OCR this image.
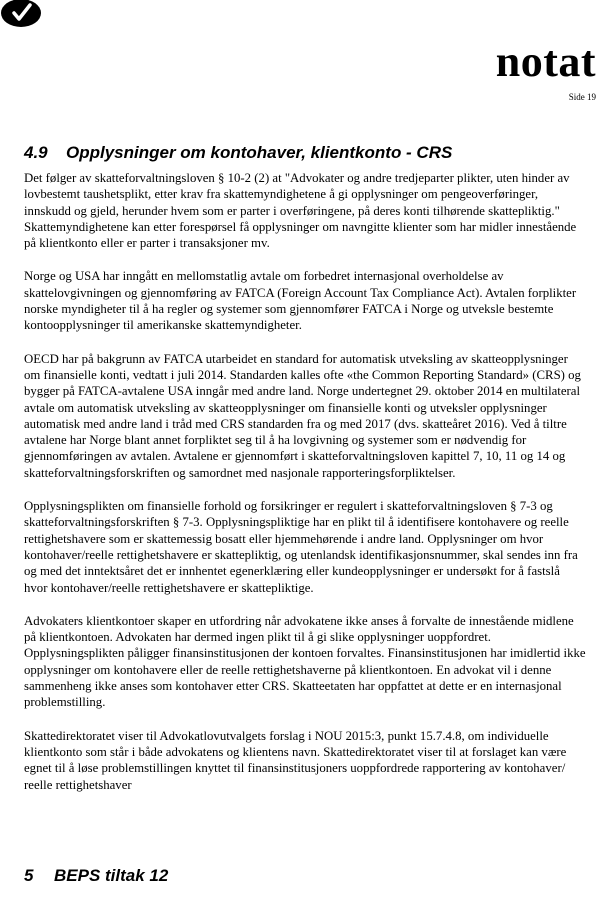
notat
Side 19
4.9 Opplysninger om kontohaver, klientkonto - CRS

Det følger av skatteforvaltningsloven § 10-2 (2) at "Advokater og andre tredjeparter plikter, uten hinder av lovbestemt taushetsplikt, etter krav fra skattemyndighetene å gi opplysninger om pengeoverføringer, innskudd og gjeld, herunder hvem som er parter i overføringene, på deres konti tilhørende skattepliktig." Skattemyndighetene kan etter forespørsel få opplysninger om navngitte klienter som har midler innestående på klientkonto eller er parter i transaksjoner mv.

Norge og USA har inngått en mellomstatlig avtale om forbedret internasjonal overholdelse av skattelovgivningen og gjennomføring av FATCA (Foreign Account Tax Compliance Act). Avtalen forplikter norske myndigheter til å ha regler og systemer som gjennomfører FATCA i Norge og utveksle bestemte kontoopplysninger til amerikanske skattemyndigheter.

OECD har på bakgrunn av FATCA utarbeidet en standard for automatisk utveksling av skatteopplysninger om finansielle konti, vedtatt i juli 2014. Standarden kalles ofte «the Common Reporting Standard» (CRS) og bygger på FATCA-avtalene USA inngår med andre land. Norge undertegnet 29. oktober 2014 en multilateral avtale om automatisk utveksling av skatteopplysninger om finansielle konti og utveksler opplysninger automatisk med andre land i tråd med CRS standarden fra og med 2017 (dvs. skatteåret 2016). Ved å tiltre avtalene har Norge blant annet forpliktet seg til å ha lovgivning og systemer som er nødvendig for gjennomføringen av avtalen. Avtalene er gjennomført i skatteforvaltningsloven kapittel 7, 10, 11 og 14 og skatteforvaltningsforskriften og samordnet med nasjonale rapporteringsforpliktelser.

Opplysningsplikten om finansielle forhold og forsikringer er regulert i skatteforvaltningsloven § 7-3 og skatteforvaltningsforskriften § 7-3. Opplysningspliktige har en plikt til å identifisere kontohavere og reelle rettighetshavere som er skattemessig bosatt eller hjemmehørende i andre land. Opplysninger om hvor kontohaver/reelle rettighetshavere er skattepliktig, og utenlandsk identifikasjonsnummer, skal sendes inn fra og med det inntektsåret det er innhentet egenerklæring eller kundeopplysninger er undersøkt for å fastslå hvor kontohaver/reelle rettighetshavere er skattepliktige.

Advokaters klientkontoer skaper en utfordring når advokatene ikke anses å forvalte de innestående midlene på klientkontoen. Advokaten har dermed ingen plikt til å gi slike opplysninger uoppfordret. Opplysningsplikten påligger finansinstitusjonen der kontoen forvaltes. Finansinstitusjonen har imidlertid ikke opplysninger om kontohavere eller de reelle rettighetshaverne på klientkontoen. En advokat vil i denne sammenheng ikke anses som kontohaver etter CRS. Skatteetaten har oppfattet at dette er en internasjonal problemstilling.

Skattedirektoratet viser til Advokatlovutvalgets forslag i NOU 2015:3, punkt 15.7.4.8, om individuelle klientkonto som står i både advokatens og klientens navn. Skattedirektoratet viser til at forslaget kan være egnet til å løse problemstillingen knyttet til finansinstitusjoners uoppfordrede rapportering av kontohaver/ reelle rettighetshaver

5 BEPS tiltak 12
